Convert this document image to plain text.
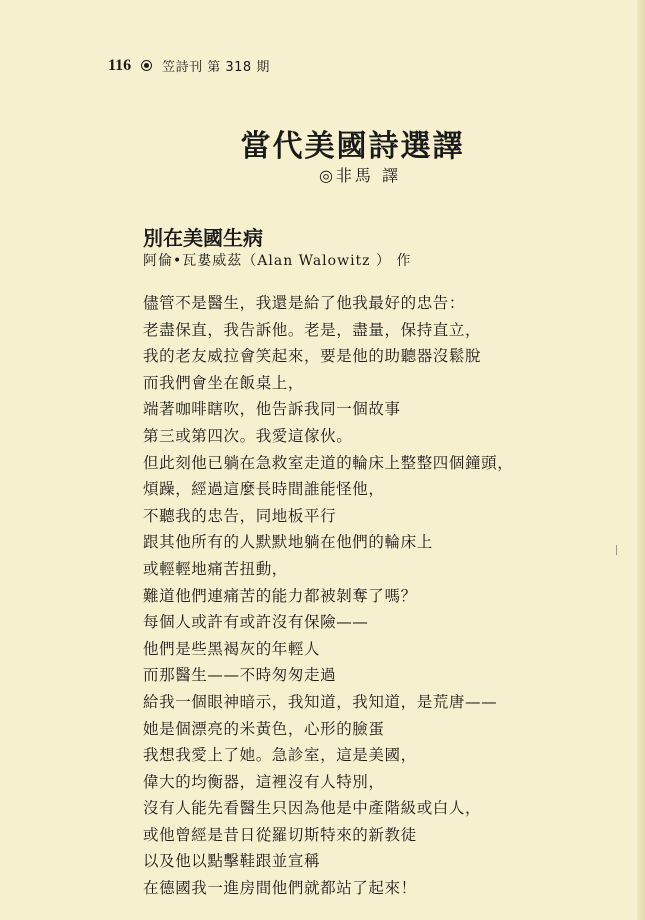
116 笠詩刊 第 318 期
當代美國詩選譯
◎非馬 譯
別在美國生病
阿倫•瓦婁威茲（Alan Walowitz ） 作
儘管不是醫生，我還是給了他我最好的忠告：
老盡保直，我告訴他。老是，盡量，保持直立，
我的老友威拉會笑起來，要是他的助聽器沒鬆脫
而我們會坐在飯桌上，
端著咖啡瞎吹，他告訴我同一個故事
第三或第四次。我愛這傢伙。
但此刻他已躺在急救室走道的輪床上整整四個鐘頭，
煩躁，經過這麼長時間誰能怪他，
不聽我的忠告，同地板平行
跟其他所有的人默默地躺在他們的輪床上
或輕輕地痛苦扭動，
難道他們連痛苦的能力都被剝奪了嗎？
每個人或許有或許沒有保險——
他們是些黑褐灰的年輕人
而那醫生——不時匆匆走過
給我一個眼神暗示，我知道，我知道，是荒唐——
她是個漂亮的米黃色，心形的臉蛋
我想我愛上了她。急診室，這是美國，
偉大的均衡器，這裡沒有人特別，
沒有人能先看醫生只因為他是中產階級或白人，
或他曾經是昔日從羅切斯特來的新教徒
以及他以點擊鞋跟並宣稱
在德國我一進房間他們就都站了起來！
